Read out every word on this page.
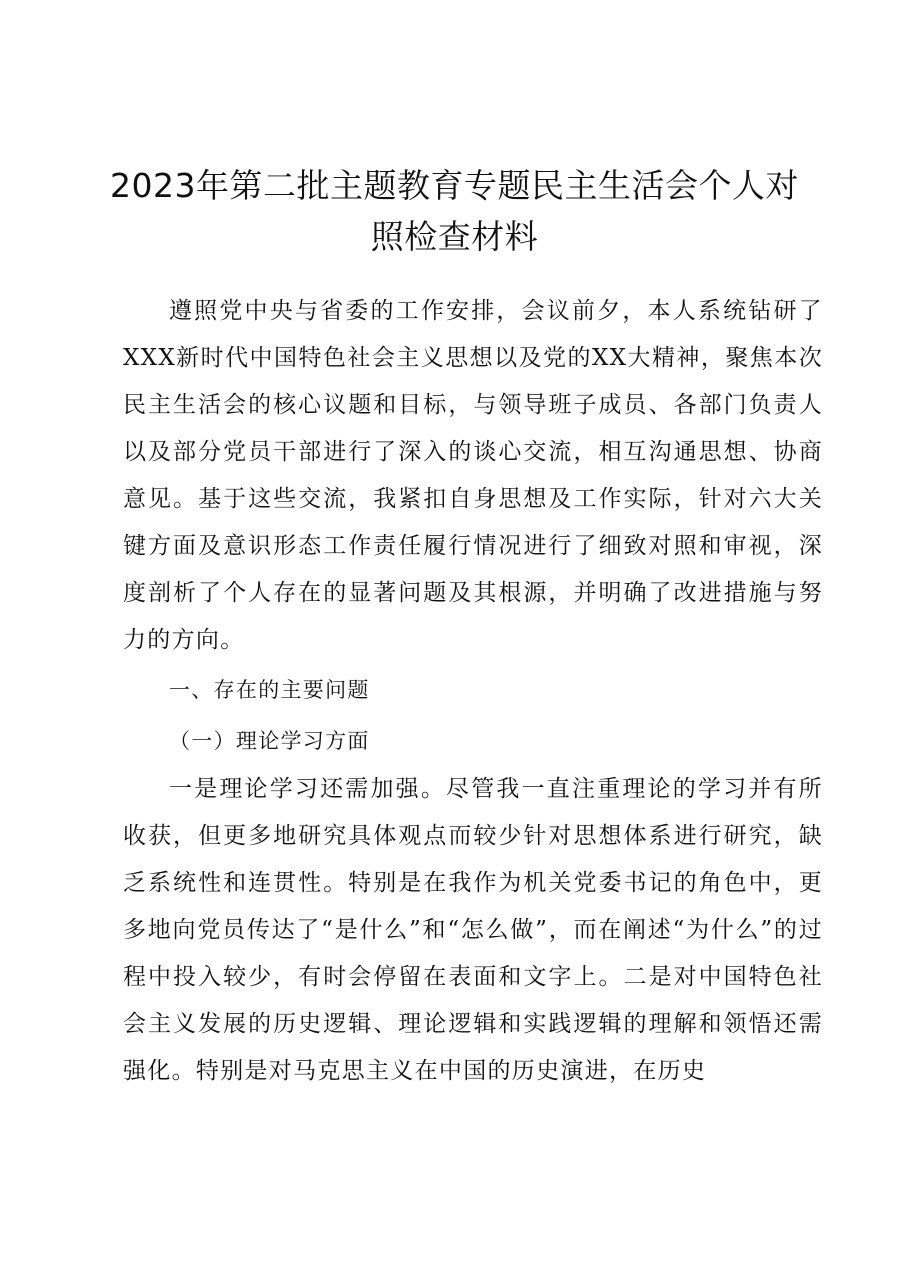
2023年第二批主题教育专题民主生活会个人对
照检查材料

遵照党中央与省委的工作安排，会议前夕，本人系统钻研了XXX新时代中国特色社会主义思想以及党的XX大精神，聚焦本次民主生活会的核心议题和目标，与领导班子成员、各部门负责人以及部分党员干部进行了深入的谈心交流，相互沟通思想、协商意见。基于这些交流，我紧扣自身思想及工作实际，针对六大关键方面及意识形态工作责任履行情况进行了细致对照和审视，深度剖析了个人存在的显著问题及其根源，并明确了改进措施与努力的方向。

一、存在的主要问题

（一）理论学习方面

一是理论学习还需加强。尽管我一直注重理论的学习并有所收获，但更多地研究具体观点而较少针对思想体系进行研究，缺乏系统性和连贯性。特别是在我作为机关党委书记的角色中，更多地向党员传达了“是什么”和“怎么做”，而在阐述“为什么”的过程中投入较少，有时会停留在表面和文字上。二是对中国特色社会主义发展的历史逻辑、理论逻辑和实践逻辑的理解和领悟还需强化。特别是对马克思主义在中国的历史演进，在历史
